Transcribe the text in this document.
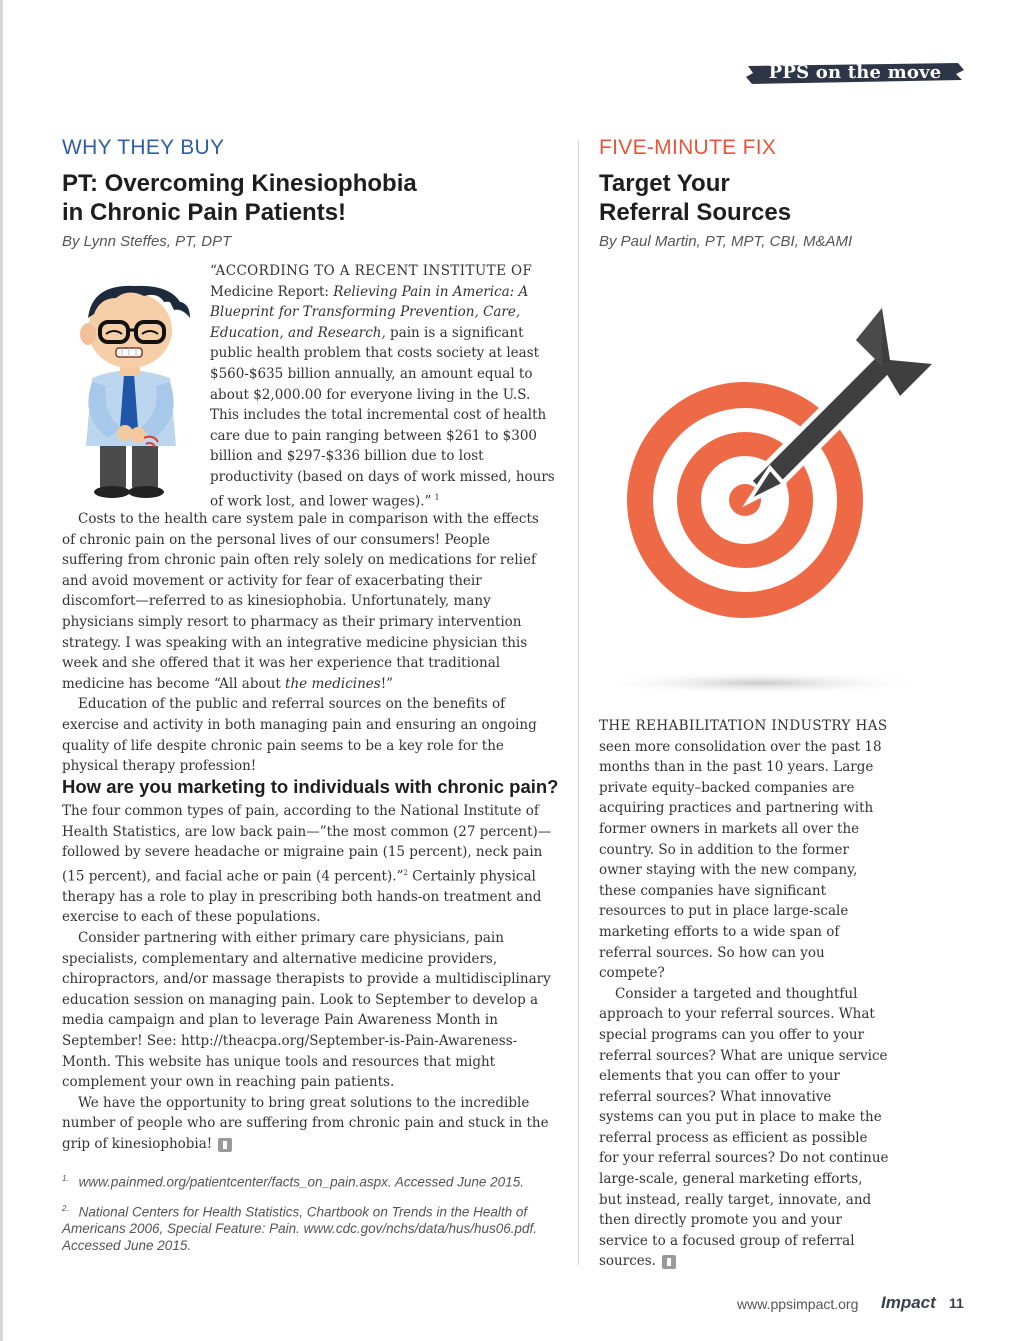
PPS on the move
WHY THEY BUY
PT: Overcoming Kinesiophobia
in Chronic Pain Patients!
By Lynn Steffes, PT, DPT

“ACCORDING TO A RECENT INSTITUTE OF Medicine Report: Relieving Pain in America: A Blueprint for Transforming Prevention, Care, Education, and Research, pain is a significant public health problem that costs society at least $560-$635 billion annually, an amount equal to about $2,000.00 for everyone living in the U.S. This includes the total incremental cost of health care due to pain ranging between $261 to $300 billion and $297-$336 billion due to lost productivity (based on days of work missed, hours of work lost, and lower wages).” $^1$

Costs to the health care system pale in comparison with the effects of chronic pain on the personal lives of our consumers! People suffering from chronic pain often rely solely on medications for relief and avoid movement or activity for fear of exacerbating their discomfort—referred to as kinesiophobia. Unfortunately, many physicians simply resort to pharmacy as their primary intervention strategy. I was speaking with an integrative medicine physician this week and she offered that it was her experience that traditional medicine has become “All about the medicines!”

Education of the public and referral sources on the benefits of exercise and activity in both managing pain and ensuring an ongoing quality of life despite chronic pain seems to be a key role for the physical therapy profession!

How are you marketing to individuals with chronic pain?

The four common types of pain, according to the National Institute of Health Statistics, are low back pain—”the most common (27 percent)—followed by severe headache or migraine pain (15 percent), neck pain (15 percent), and facial ache or pain (4 percent).”$^2$ Certainly physical therapy has a role to play in prescribing both hands-on treatment and exercise to each of these populations.

Consider partnering with either primary care physicians, pain specialists, complementary and alternative medicine providers, chiropractors, and/or massage therapists to provide a multidisciplinary education session on managing pain. Look to September to develop a media campaign and plan to leverage Pain Awareness Month in September! See: http://theacpa.org/September-is-Pain-Awareness-Month. This website has unique tools and resources that might complement your own in reaching pain patients.

We have the opportunity to bring great solutions to the incredible number of people who are suffering from chronic pain and stuck in the grip of kinesiophobia!

$^{1.}$ www.painmed.org/patientcenter/facts_on_pain.aspx. Accessed June 2015.

$^{2.}$ National Centers for Health Statistics, Chartbook on Trends in the Health of Americans 2006, Special Feature: Pain. www.cdc.gov/nchs/data/hus/hus06.pdf. Accessed June 2015.

FIVE-MINUTE FIX
Target Your
Referral Sources
By Paul Martin, PT, MPT, CBI, M&AMI

THE REHABILITATION INDUSTRY HAS seen more consolidation over the past 18 months than in the past 10 years. Large private equity–backed companies are acquiring practices and partnering with former owners in markets all over the country. So in addition to the former owner staying with the new company, these companies have significant resources to put in place large-scale marketing efforts to a wide span of referral sources. So how can you compete?

Consider a targeted and thoughtful approach to your referral sources. What special programs can you offer to your referral sources? What are unique service elements that you can offer to your referral sources? What innovative systems can you put in place to make the referral process as efficient as possible for your referral sources? Do not continue large-scale, general marketing efforts, but instead, really target, innovate, and then directly promote you and your service to a focused group of referral sources.

www.ppsimpact.org Impact 11
